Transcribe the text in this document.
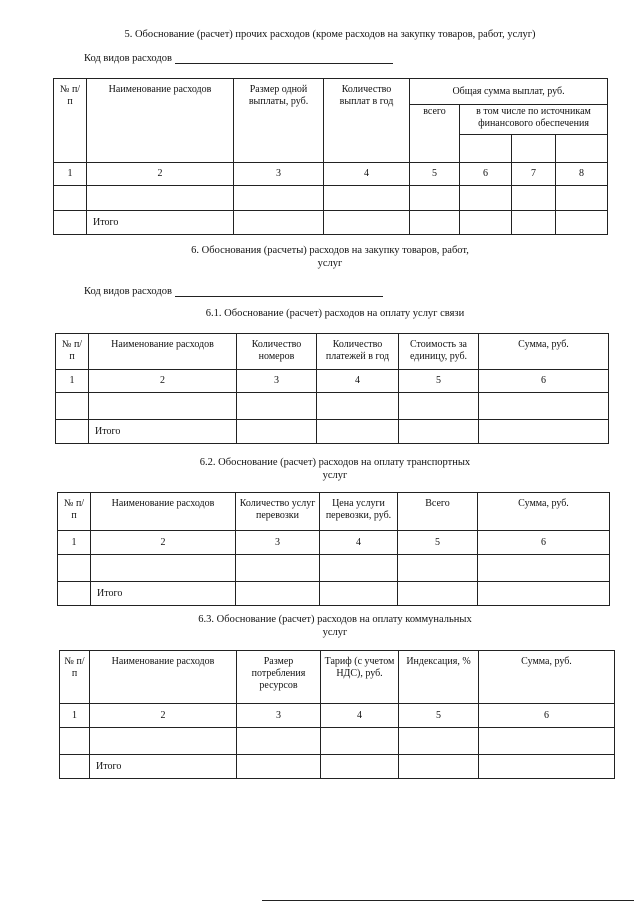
5. Обоснование (расчет) прочих расходов (кроме расходов на закупку товаров, работ, услуг)
Код видов расходов
№ п/ п	Наименование расходов	Размер одной выплаты, руб.	Количество выплат в год	Общая сумма выплат, руб.			
				всего	в том числе по источникам финансового обеспечения		

1	2	3	4	5	6	7	8

	Итого						
6. Обоснования (расчеты) расходов на закупку товаров, работ,
услуг
Код видов расходов
6.1. Обоснование (расчет) расходов на оплату услуг связи
№ п/ п	Наименование расходов	Количество номеров	Количество платежей в год	Стоимость за единицу, руб.	Сумма, руб.
1	2	3	4	5	6

	Итого				
6.2. Обоснование (расчет) расходов на оплату транспортных
услуг
№ п/ п	Наименование расходов	Количество услуг перевозки	Цена услуги перевозки, руб.	Всего	Сумма, руб.
1	2	3	4	5	6

	Итого				
6.3. Обоснование (расчет) расходов на оплату коммунальных
услуг
№ п/ п	Наименование расходов	Размер потребления ресурсов	Тариф (с учетом НДС), руб.	Индексация, %	Сумма, руб.
1	2	3	4	5	6

	Итого				
